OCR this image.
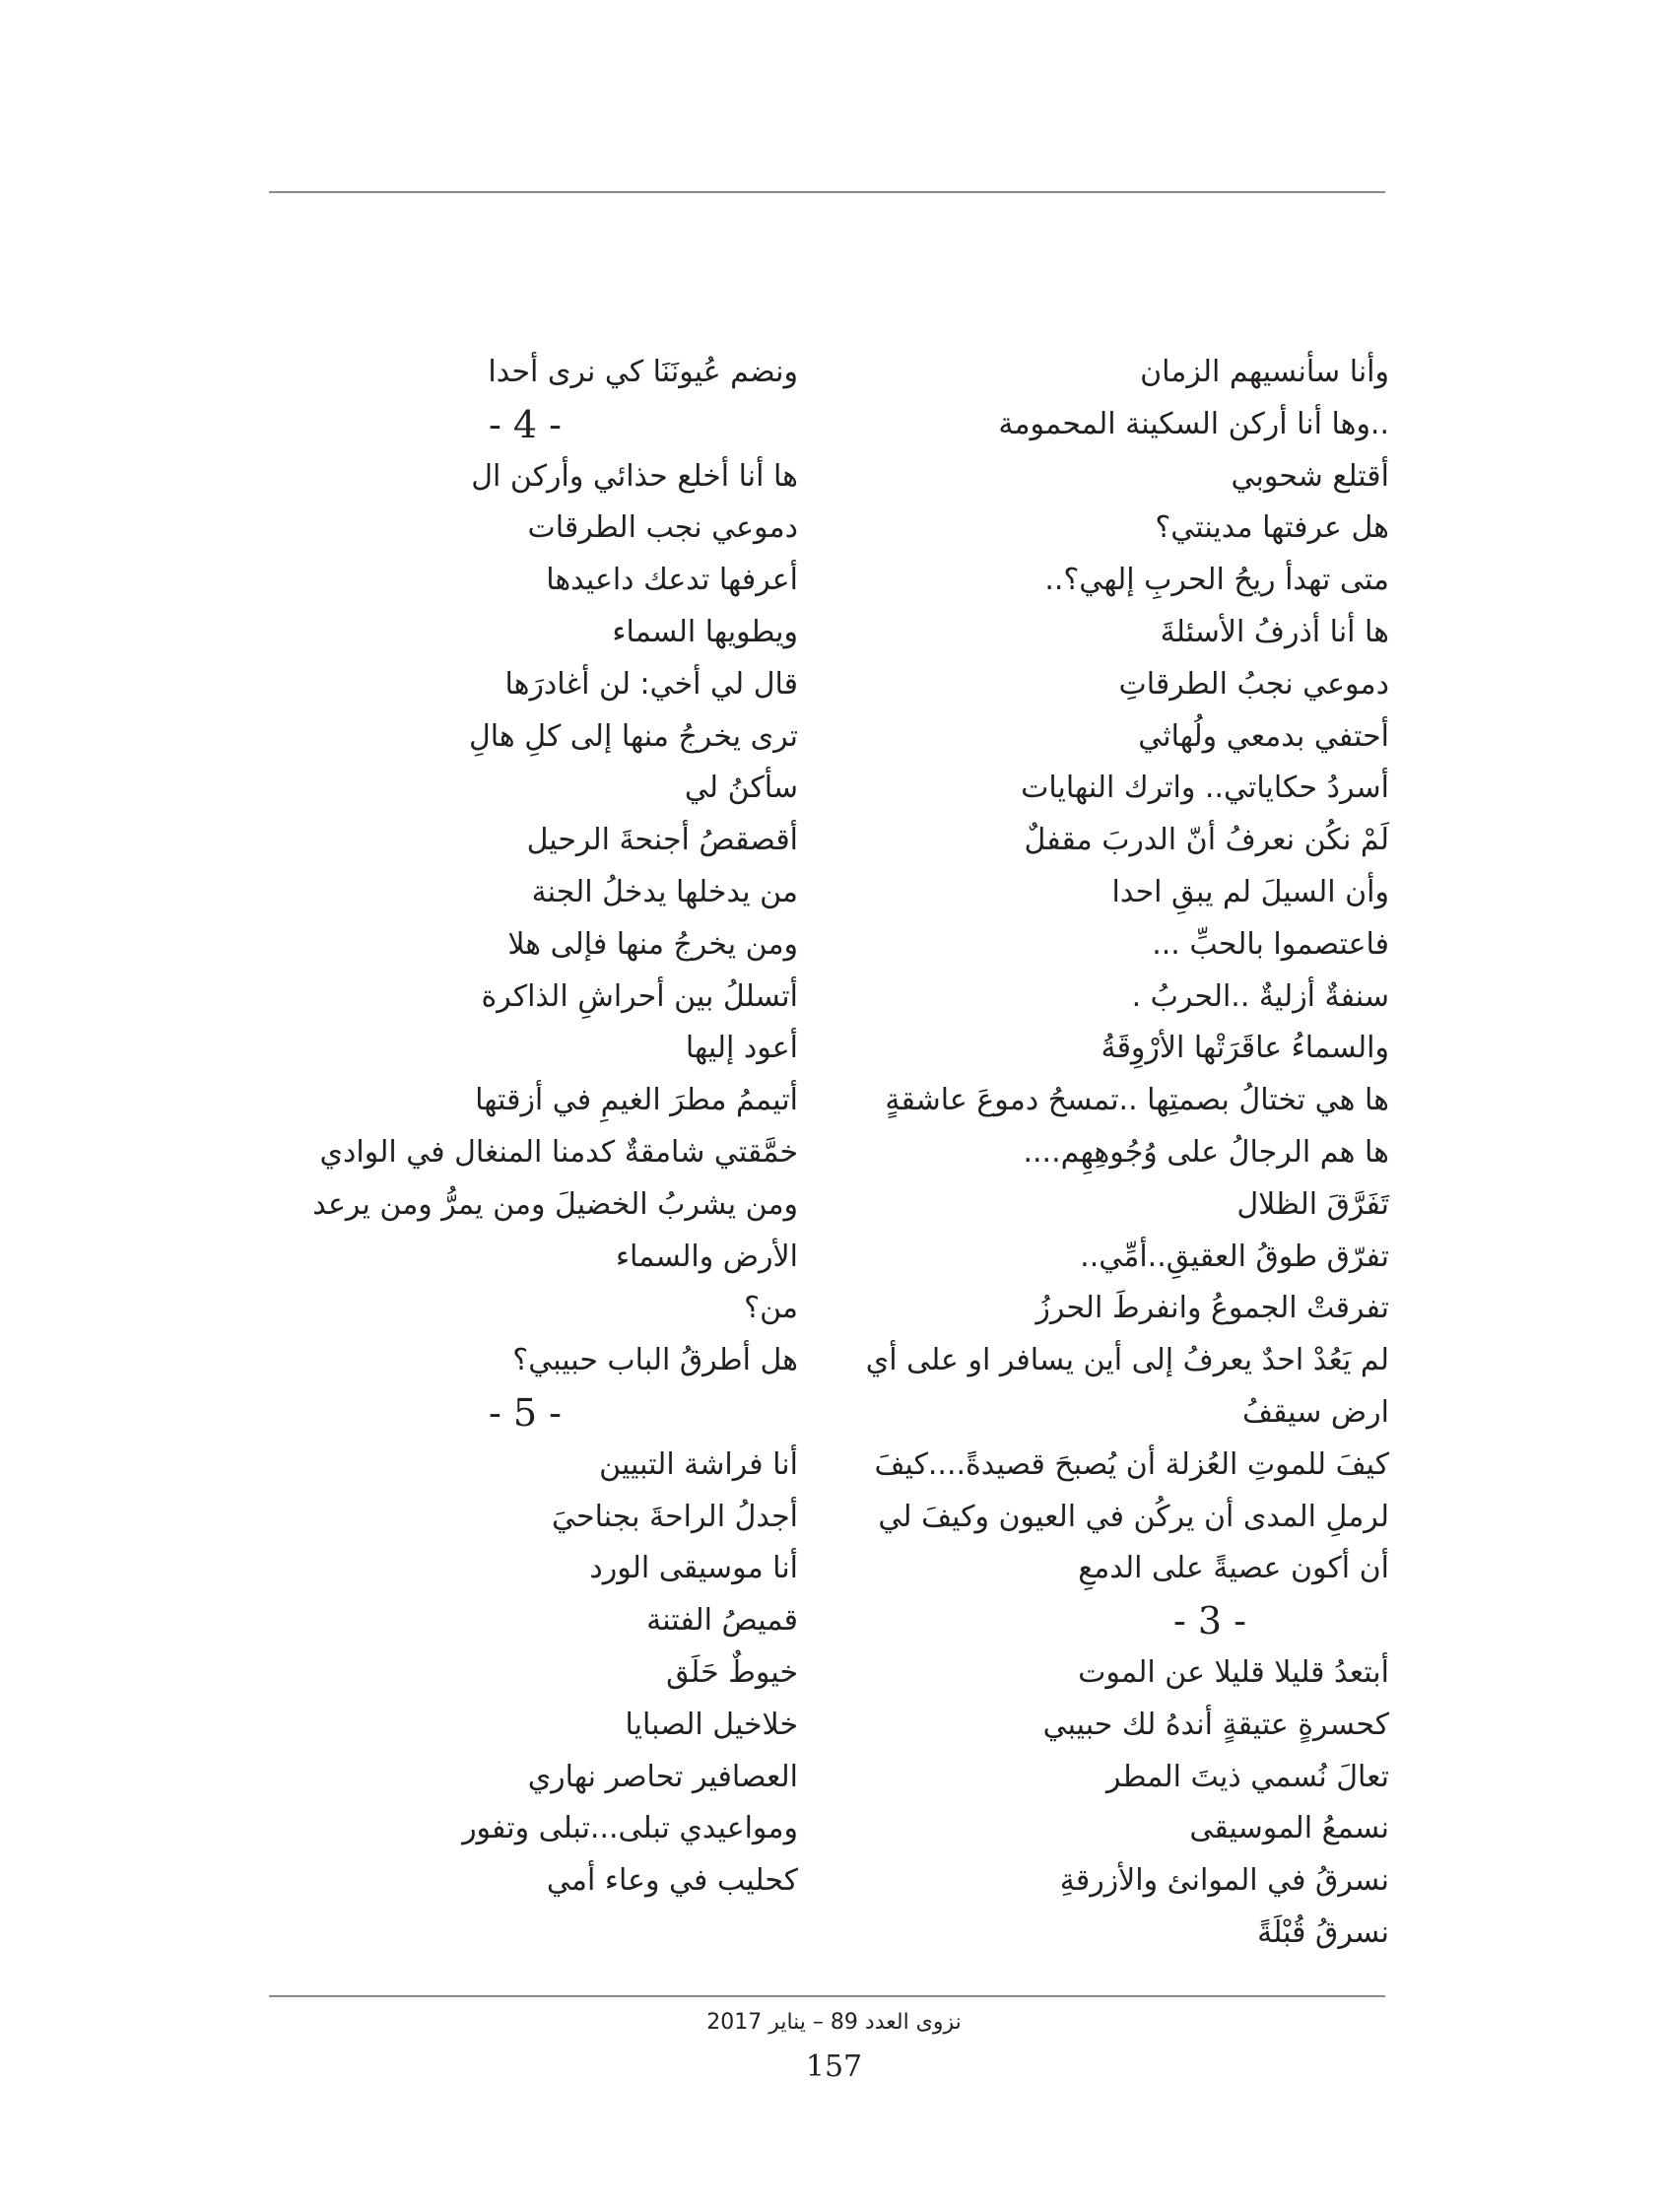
وأنا سأنسيهم الزمان
..وها أنا أركن السكينة المحمومة
أقتلع شحوبي
هل عرفتها مدينتي؟
متى تهدأ ريحُ الحربِ إلهي؟..
ها أنا أذرفُ الأسئلةَ
دموعي نجبُ الطرقاتِ
أحتفي بدمعي ولُهاثي
أسردُ حكاياتي.. واترك النهايات
لَمْ نكُن نعرفُ أنّ الدربَ مقفلٌ
وأن السيلَ لم يبقِ احدا
فاعتصموا بالحبِّ ...
سنفةٌ أزليةٌ ..الحربُ .
والسماءُ عاقَرَتْها الأرْوِقَةُ
ها هي تختالُ بصمتِها ..تمسحُ دموعَ عاشقةٍ
ها هم الرجالُ على وُجُوهِهِم....
تَفَرَّقَ الظلال
تفرّق طوقُ العقيقِ..أمِّي..
تفرقتْ الجموعُ وانفرطَ الحرزُ
لم يَعُدْ احدٌ يعرفُ إلى أين يسافر او على أي
ارض سيقفُ
كيفَ للموتِ العُزلة أن يُصبحَ قصيدةً....كيفَ
لرملِ المدى أن يركُن في العيون وكيفَ لي
أن أكون عصيةً على الدمعِ
- 3 -
أبتعدُ قليلا قليلا عن الموت
كحسرةٍ عتيقةٍ أندهُ لك حبيبي
تعالَ نُسمي ذيتَ المطر
نسمعُ الموسيقى
نسرقُ في الموانئ والأزرقةِ
نسرقُ قُبْلَةً
ونضم عُيونَنَا كي نرى أحدا
- 4 -
ها أنا أخلع حذائي وأركن ال
دموعي نجب الطرقات
أعرفها تدعك داعيدها
ويطويها السماء
قال لي أخي: لن أغادرَها
ترى يخرجُ منها إلى كلِ هالِ
سأكنُ لي
أقصقصُ أجنحةَ الرحيل
من يدخلها يدخلُ الجنة
ومن يخرجُ منها فإلى هلا
أتسللُ بين أحراشِ الذاكرة
أعود إليها
أتيممُ مطرَ الغيمِ في أزقتها
خمَّقتي شامقةٌ كدمنا المنغال في الوادي
ومن يشربُ الخضيلَ ومن يمرُّ ومن يرعد
الأرض والسماء
من؟
هل أطرقُ الباب حبيبي؟
- 5 -
أنا فراشة التبيين
أجدلُ الراحةَ بجناحيَ
أنا موسيقى الورد
قميصُ الفتنة
خيوطٌ حَلَق
خلاخيل الصبايا
العصافير تحاصر نهاري
ومواعيدي تبلى...تبلى وتفور
كحليب في وعاء أمي
نزوى العدد 89 – يناير 2017
157
